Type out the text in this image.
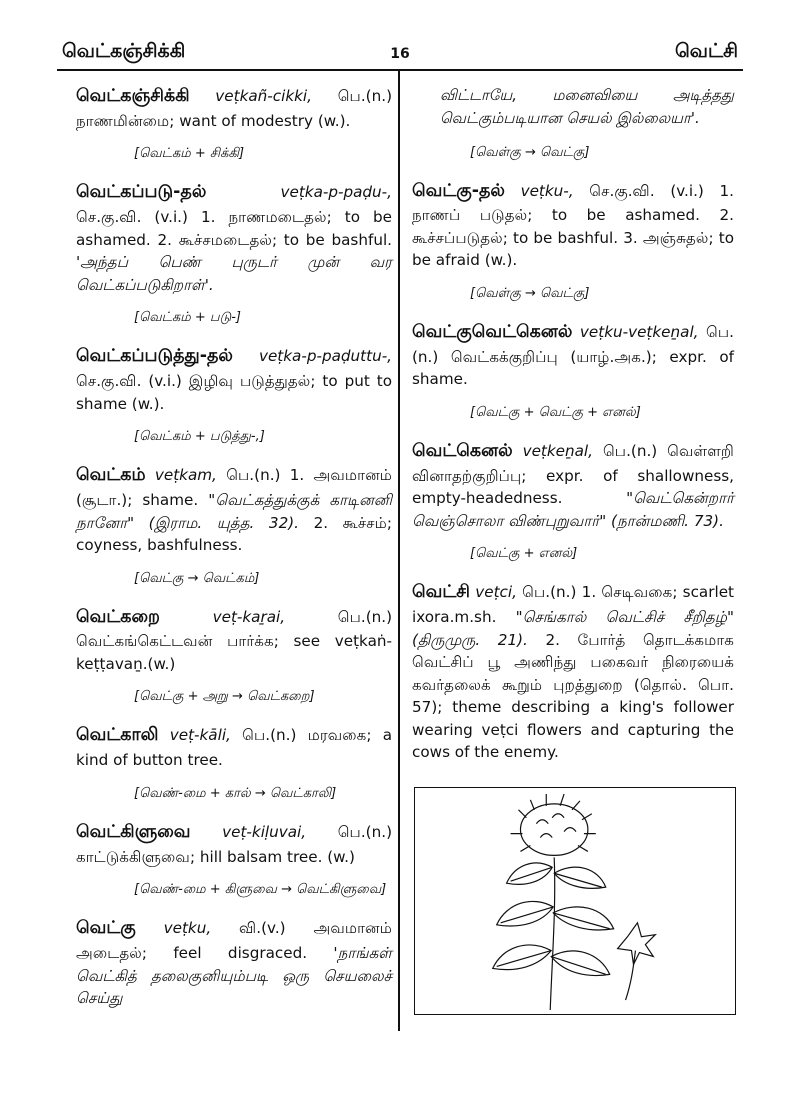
வெட்கஞ்சிக்கி	16	வெட்சி
வெட்கஞ்சிக்கி veṭkañ-cikki, பெ.(n.) நாணமின்மை; want of modestry (w.).
[வெட்கம் + சிக்கி]
வெட்கப்படு-தல்	veṭka-p-paḍu-, செ.கு.வி. (v.i.) 1. நாணமடைதல்; to be ashamed. 2. கூச்சமடைதல்; to be bashful. 'அந்தப் பெண் புருடர் முன் வர வெட்கப்படுகிறாள்'.
[வெட்கம் + படு-]
வெட்கப்படுத்து-தல் veṭka-p-paḍuttu-, செ.கு.வி. (v.i.) இழிவு படுத்துதல்; to put to shame (w.).
[வெட்கம் + படுத்து-,]
வெட்கம் veṭkam, பெ.(n.) 1. அவமானம் (சூடா.); shame. "வெட்கத்துக்குக் காடினனி நானோ" (இராம. யுத்த. 32). 2. கூச்சம்; coyness, bashfulness.
[வெட்கு → வெட்கம்]
வெட்கறை	veṭ-kaṟai,	பெ.(n.) வெட்கங்கெட்டவன் பார்க்க; see veṭkaṅ-keṭṭavaṉ.(w.)
[வெட்கு + அறு → வெட்கறை]
வெட்காலி veṭ-kāli, பெ.(n.) மரவகை; a kind of button tree.
[வெண்-மை + கால் → வெட்காலி]
வெட்கிளுவை veṭ-kiḷuvai, பெ.(n.) காட்டுக்கிளுவை; hill balsam tree. (w.)
[வெண்-மை + கிளுவை → வெட்கிளுவை]
வெட்கு veṭku, வி.(v.) அவமானம் அடைதல்; feel disgraced. 'நாங்கள் வெட்கித் தலைகுனியும்படி ஒரு செயலைச் செய்து
விட்டாயே, மனைவியை அடித்தது வெட்கும்படியான செயல் இல்லையா'.
[வெள்கு → வெட்கு]
வெட்கு-தல் veṭku-, செ.கு.வி. (v.i.) 1. நாணப் படுதல்; to be ashamed. 2. கூச்சப்படுதல்; to be bashful. 3. அஞ்சுதல்; to be afraid (w.).
[வெள்கு → வெட்கு]
வெட்குவெட்கெனல் veṭku-veṭkeṉal, பெ.(n.) வெட்கக்குறிப்பு (யாழ்.அக.); expr. of shame.
[வெட்கு + வெட்கு + எனல்]
வெட்கெனல் veṭkeṉal, பெ.(n.) வெள்ளறி வினாதற்குறிப்பு; expr. of shallowness, empty-headedness.	"வெட்கென்றார் வெஞ்சொலா விண்புறுவார்" (நான்மணி. 73).
[வெட்கு + எனல்]
வெட்சி veṭci, பெ.(n.) 1. செடிவகை; scarlet ixora.m.sh. "செங்கால் வெட்சிச் சீறிதழ்" (திருமுரு. 21). 2. போர்த் தொடக்கமாக வெட்சிப் பூ அணிந்து பகைவர் நிரையைக் கவர்தலைக் கூறும் புறத்துறை (தொல். பொ. 57); theme describing a king's follower wearing veṭci flowers and capturing the cows of the enemy.
